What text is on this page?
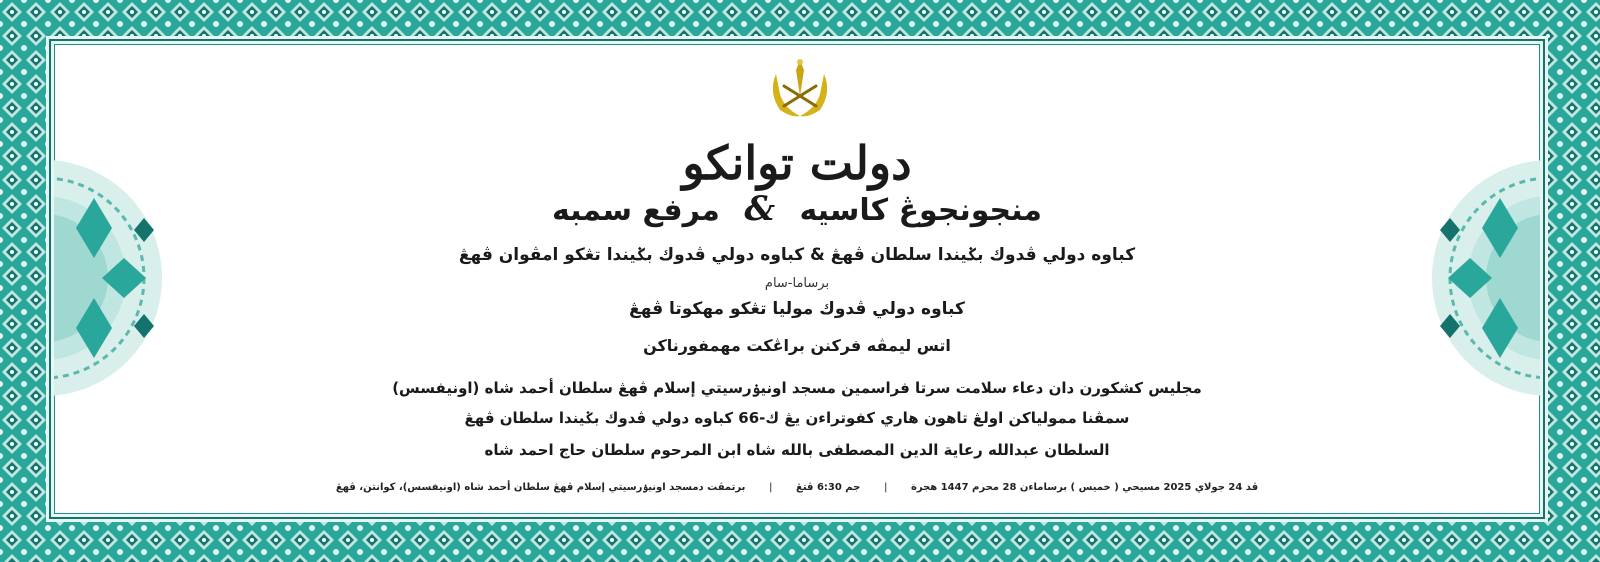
دولت توانكو
منجونجوڠ كاسيه & مرفع سمبه
كباوه دولي ڤدوك بݢيندا سلطان ڤهڠ & كباوه دولي ڤدوك بݢيندا تڠكو امڤوان ڤهڠ
برساما-سام
كباوه دولي ڤدوك موليا تڠكو مهكوتا ڤهڠ
اتس ليمڤه فركنن براڠكت مهمفورناكن
مجليس كشكورن دان دعاء سلامت سرتا فراسمين مسجد اونيۏرسيتي إسلام ڤهڠ سلطان أحمد شاه (اونيفسس)
سمڤنا ممولياكن اولڠ تاهون هاري كفوترا‌ءن يڠ ك-66 كباوه دولي ڤدوك بݢيندا سلطان ڤهڠ
السلطان عبدالله رعاية الدين المصطفى بالله شاه ابن المرحوم سلطان حاج احمد شاه
ڤد 24 جولاي 2025 مسيحي ( خميس ) برساماءن 28 محرم 1447 هجرة | جم 6:30 ڤتڠ | برتمڤت دمسجد اونيۏرسيتي إسلام ڤهڠ سلطان أحمد شاه (اونيفسس)، كوانتن، ڤهڠ
